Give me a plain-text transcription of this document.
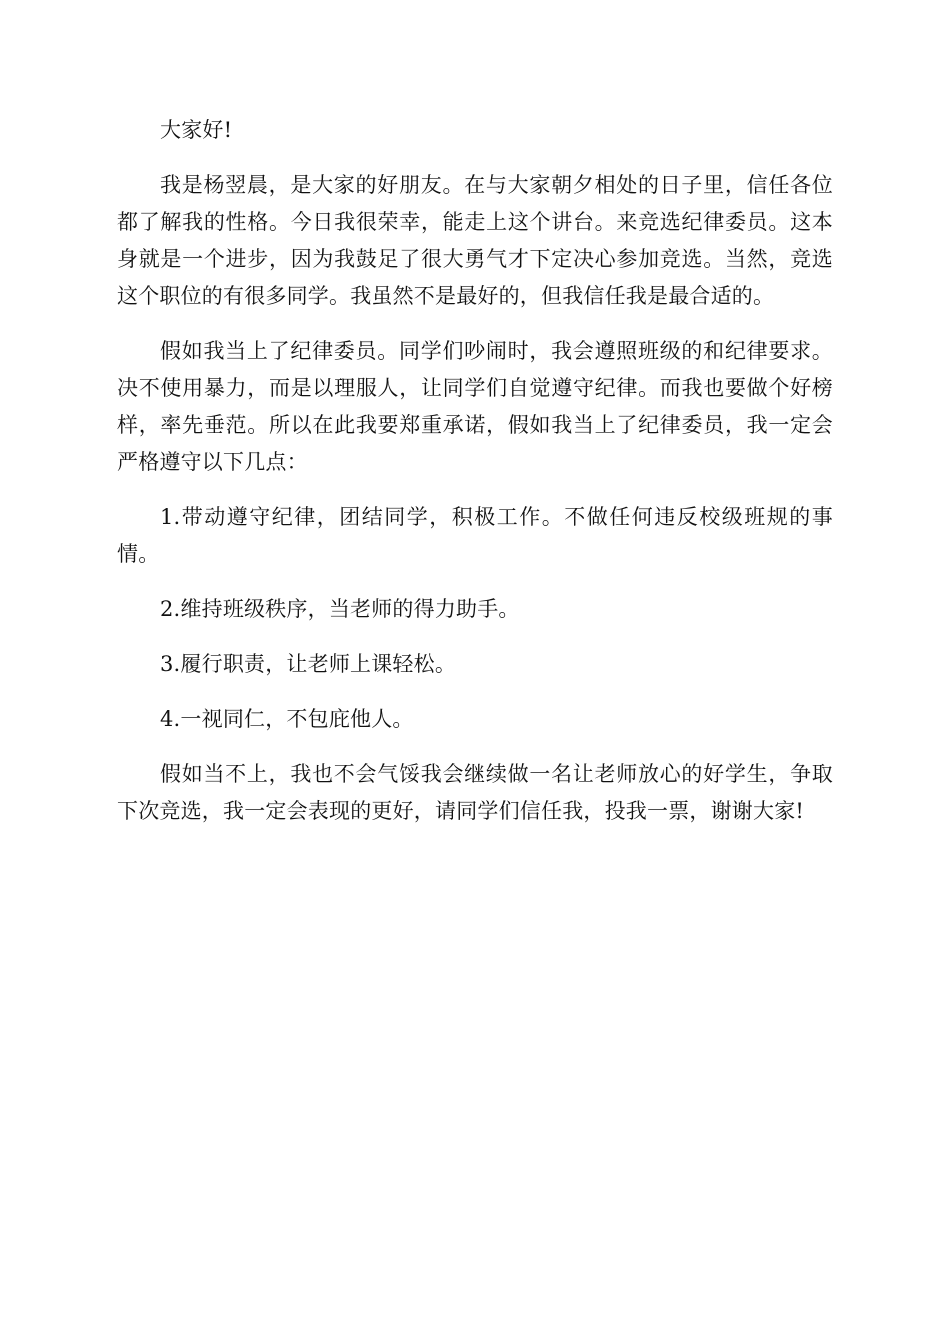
大家好!

我是杨翌晨，是大家的好朋友。在与大家朝夕相处的日子里，信任各位都了解我的性格。今日我很荣幸，能走上这个讲台。来竞选纪律委员。这本身就是一个进步，因为我鼓足了很大勇气才下定决心参加竞选。当然，竞选这个职位的有很多同学。我虽然不是最好的，但我信任我是最合适的。

假如我当上了纪律委员。同学们吵闹时，我会遵照班级的和纪律要求。决不使用暴力，而是以理服人，让同学们自觉遵守纪律。而我也要做个好榜样，率先垂范。所以在此我要郑重承诺，假如我当上了纪律委员，我一定会严格遵守以下几点：

1.带动遵守纪律，团结同学，积极工作。不做任何违反校级班规的事情。

2.维持班级秩序，当老师的得力助手。

3.履行职责，让老师上课轻松。

4.一视同仁，不包庇他人。

假如当不上，我也不会气馁我会继续做一名让老师放心的好学生，争取下次竞选，我一定会表现的更好，请同学们信任我，投我一票，谢谢大家!
